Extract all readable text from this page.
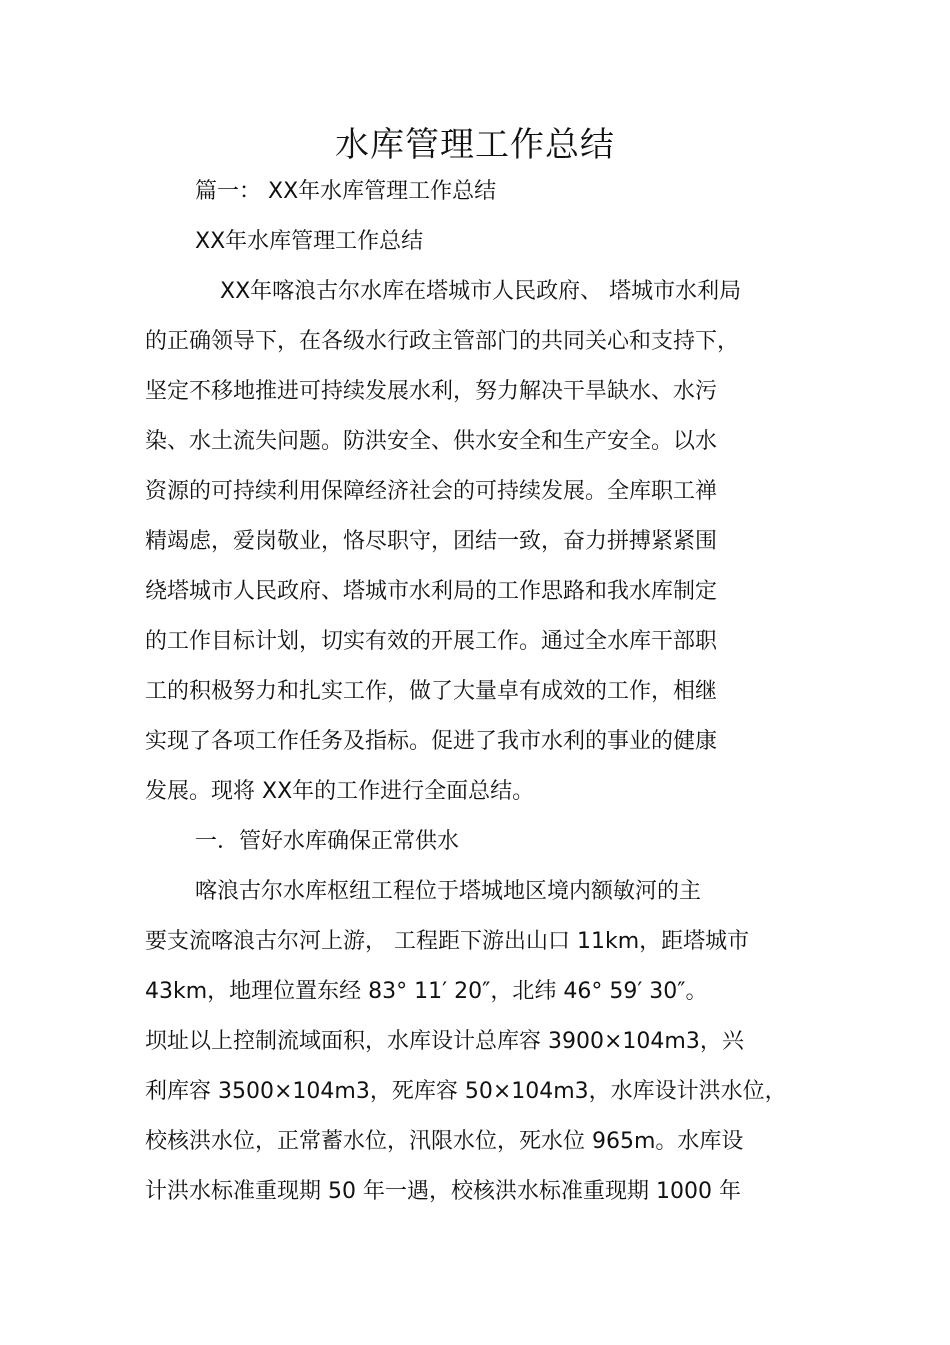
水库管理工作总结
篇一： XX年水库管理工作总结
XX年水库管理工作总结
XX年喀浪古尔水库在塔城市人民政府、 塔城市水利局
的正确领导下，在各级水行政主管部门的共同关心和支持下，
坚定不移地推进可持续发展水利，努力解决干旱缺水、水污
染、水土流失问题。防洪安全、供水安全和生产安全。以水
资源的可持续利用保障经济社会的可持续发展。全库职工禅
精竭虑，爱岗敬业，恪尽职守，团结一致，奋力拼搏紧紧围
绕塔城市人民政府、塔城市水利局的工作思路和我水库制定
的工作目标计划，切实有效的开展工作。通过全水库干部职
工的积极努力和扎实工作，做了大量卓有成效的工作，相继
实现了各项工作任务及指标。促进了我市水利的事业的健康
发展。现将 XX年的工作进行全面总结。
一．管好水库确保正常供水
喀浪古尔水库枢纽工程位于塔城地区境内额敏河的主
要支流喀浪古尔河上游， 工程距下游出山口 11km，距塔城市
43km，地理位置东经 83° 11′ 20″，北纬 46° 59′ 30″。
坝址以上控制流域面积，水库设计总库容 3900×104m3，兴
利库容 3500×104m3，死库容 50×104m3，水库设计洪水位，
校核洪水位，正常蓄水位，汛限水位，死水位 965m。水库设
计洪水标准重现期 50 年一遇，校核洪水标准重现期 1000 年
